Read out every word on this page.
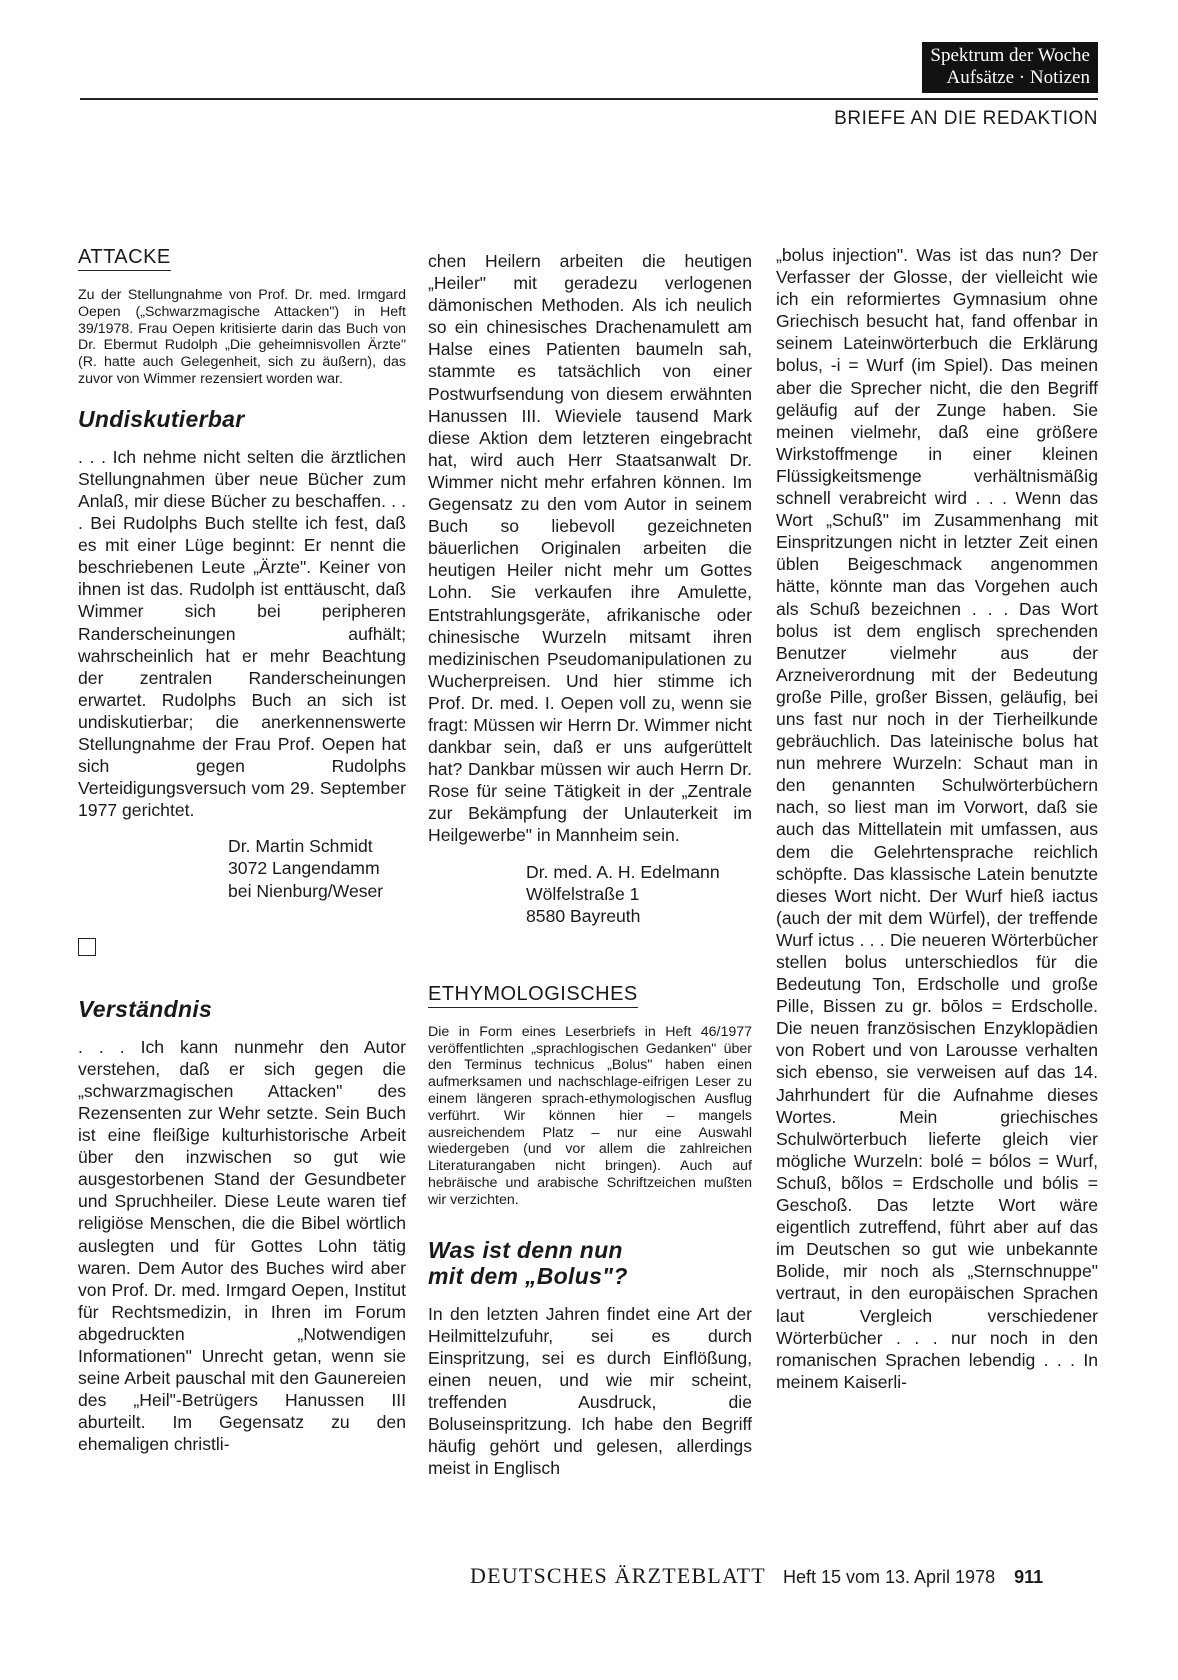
Spektrum der Woche
Aufsätze · Notizen
BRIEFE AN DIE REDAKTION
ATTACKE

Zu der Stellungnahme von Prof. Dr. med. Irmgard Oepen („Schwarzmagische Attacken") in Heft 39/1978. Frau Oepen kritisierte darin das Buch von Dr. Ebermut Rudolph „Die geheimnisvollen Ärzte" (R. hatte auch Gelegenheit, sich zu äußern), das zuvor von Wimmer rezensiert worden war.

Undiskutierbar

. . . Ich nehme nicht selten die ärztlichen Stellungnahmen über neue Bücher zum Anlaß, mir diese Bücher zu beschaffen. . . . Bei Rudolphs Buch stellte ich fest, daß es mit einer Lüge beginnt: Er nennt die beschriebenen Leute „Ärzte". Keiner von ihnen ist das. Rudolph ist enttäuscht, daß Wimmer sich bei peripheren Randerscheinungen aufhält; wahrscheinlich hat er mehr Beachtung der zentralen Randerscheinungen erwartet. Rudolphs Buch an sich ist undiskutierbar; die anerkennenswerte Stellungnahme der Frau Prof. Oepen hat sich gegen Rudolphs Verteidigungsversuch vom 29. September 1977 gerichtet.

Dr. Martin Schmidt
3072 Langendamm
bei Nienburg/Weser

Verständnis

. . . Ich kann nunmehr den Autor verstehen, daß er sich gegen die „schwarzmagischen Attacken" des Rezensenten zur Wehr setzte. Sein Buch ist eine fleißige kulturhistorische Arbeit über den inzwischen so gut wie ausgestorbenen Stand der Gesundbeter und Spruchheiler. Diese Leute waren tief religiöse Menschen, die die Bibel wörtlich auslegten und für Gottes Lohn tätig waren. Dem Autor des Buches wird aber von Prof. Dr. med. Irmgard Oepen, Institut für Rechtsmedizin, in Ihren im Forum abgedruckten „Notwendigen Informationen" Unrecht getan, wenn sie seine Arbeit pauschal mit den Gaunereien des „Heil"-Betrügers Hanussen III aburteilt. Im Gegensatz zu den ehemaligen christli-

chen Heilern arbeiten die heutigen „Heiler" mit geradezu verlogenen dämonischen Methoden. Als ich neulich so ein chinesisches Drachenamulett am Halse eines Patienten baumeln sah, stammte es tatsächlich von einer Postwurfsendung von diesem erwähnten Hanussen III. Wieviele tausend Mark diese Aktion dem letzteren eingebracht hat, wird auch Herr Staatsanwalt Dr. Wimmer nicht mehr erfahren können. Im Gegensatz zu den vom Autor in seinem Buch so liebevoll gezeichneten bäuerlichen Originalen arbeiten die heutigen Heiler nicht mehr um Gottes Lohn. Sie verkaufen ihre Amulette, Entstrahlungsgeräte, afrikanische oder chinesische Wurzeln mitsamt ihren medizinischen Pseudomanipulationen zu Wucherpreisen. Und hier stimme ich Prof. Dr. med. I. Oepen voll zu, wenn sie fragt: Müssen wir Herrn Dr. Wimmer nicht dankbar sein, daß er uns aufgerüttelt hat? Dankbar müssen wir auch Herrn Dr. Rose für seine Tätigkeit in der „Zentrale zur Bekämpfung der Unlauterkeit im Heilgewerbe" in Mannheim sein.

Dr. med. A. H. Edelmann
Wölfelstraße 1
8580 Bayreuth

ETHYMOLOGISCHES

Die in Form eines Leserbriefs in Heft 46/1977 veröffentlichten „sprachlogischen Gedanken" über den Terminus technicus „Bolus" haben einen aufmerksamen und nachschlage-eifrigen Leser zu einem längeren sprach-ethymologischen Ausflug verführt. Wir können hier – mangels ausreichendem Platz – nur eine Auswahl wiedergeben (und vor allem die zahlreichen Literaturangaben nicht bringen). Auch auf hebräische und arabische Schriftzeichen mußten wir verzichten.

Was ist denn nun
mit dem „Bolus"?

In den letzten Jahren findet eine Art der Heilmittelzufuhr, sei es durch Einspritzung, sei es durch Einflößung, einen neuen, und wie mir scheint, treffenden Ausdruck, die Boluseinspritzung. Ich habe den Begriff häufig gehört und gelesen, allerdings meist in Englisch

„bolus injection". Was ist das nun? Der Verfasser der Glosse, der vielleicht wie ich ein reformiertes Gymnasium ohne Griechisch besucht hat, fand offenbar in seinem Lateinwörterbuch die Erklärung bolus, -i = Wurf (im Spiel). Das meinen aber die Sprecher nicht, die den Begriff geläufig auf der Zunge haben. Sie meinen vielmehr, daß eine größere Wirkstoffmenge in einer kleinen Flüssigkeitsmenge verhältnismäßig schnell verabreicht wird . . . Wenn das Wort „Schuß" im Zusammenhang mit Einspritzungen nicht in letzter Zeit einen üblen Beigeschmack angenommen hätte, könnte man das Vorgehen auch als Schuß bezeichnen . . . Das Wort bolus ist dem englisch sprechenden Benutzer vielmehr aus der Arzneiverordnung mit der Bedeutung große Pille, großer Bissen, geläufig, bei uns fast nur noch in der Tierheilkunde gebräuchlich. Das lateinische bolus hat nun mehrere Wurzeln: Schaut man in den genannten Schulwörterbüchern nach, so liest man im Vorwort, daß sie auch das Mittellatein mit umfassen, aus dem die Gelehrtensprache reichlich schöpfte. Das klassische Latein benutzte dieses Wort nicht. Der Wurf hieß iactus (auch der mit dem Würfel), der treffende Wurf ictus . . . Die neueren Wörterbücher stellen bolus unterschiedlos für die Bedeutung Ton, Erdscholle und große Pille, Bissen zu gr. bōlos = Erdscholle. Die neuen französischen Enzyklopädien von Robert und von Larousse verhalten sich ebenso, sie verweisen auf das 14. Jahrhundert für die Aufnahme dieses Wortes. Mein griechisches Schulwörterbuch lieferte gleich vier mögliche Wurzeln: bolé = bólos = Wurf, Schuß, bõlos = Erdscholle und bólis = Geschoß. Das letzte Wort wäre eigentlich zutreffend, führt aber auf das im Deutschen so gut wie unbekannte Bolide, mir noch als „Sternschnuppe" vertraut, in den europäischen Sprachen laut Vergleich verschiedener Wörterbücher . . . nur noch in den romanischen Sprachen lebendig . . . In meinem Kaiserli-

DEUTSCHES ÄRZTEBLATT Heft 15 vom 13. April 1978 911
